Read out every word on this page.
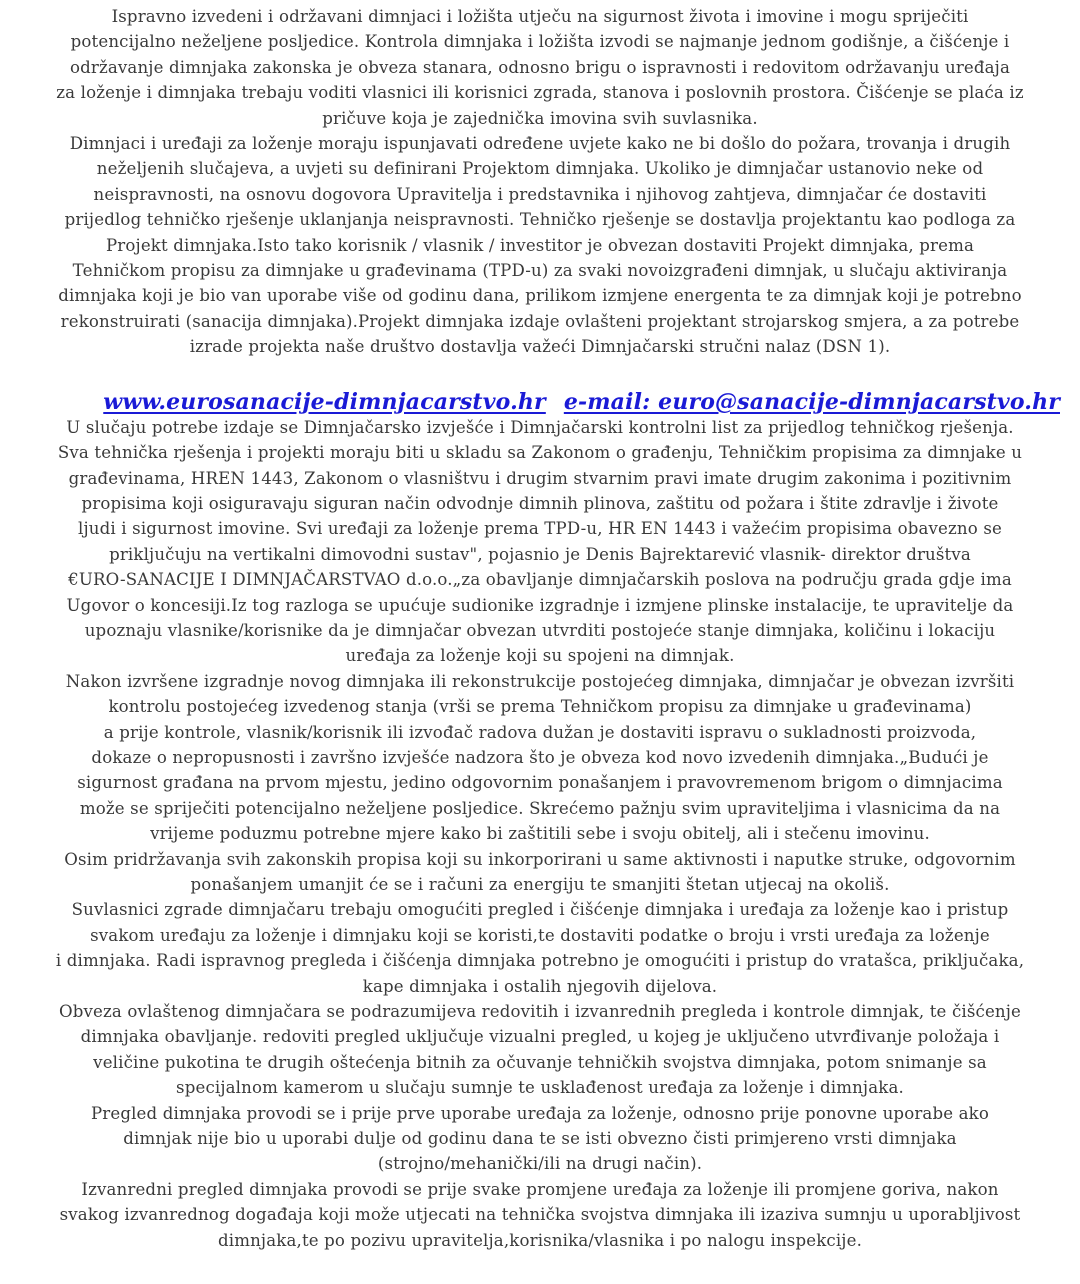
Ispravno izvedeni i održavani dimnjaci i ložišta utječu na sigurnost života i imovine i mogu spriječiti
potencijalno neželjene posljedice. Kontrola dimnjaka i ložišta izvodi se najmanje jednom godišnje, a čišćenje i
održavanje dimnjaka zakonska je obveza stanara, odnosno brigu o ispravnosti i redovitom održavanju uređaja
za loženje i dimnjaka trebaju voditi vlasnici ili korisnici zgrada, stanova i poslovnih prostora. Čišćenje se plaća iz
pričuve koja je zajednička imovina svih suvlasnika.

Dimnjaci i uređaji za loženje moraju ispunjavati određene uvjete kako ne bi došlo do požara, trovanja i drugih
neželjenih slučajeva, a uvjeti su definirani Projektom dimnjaka. Ukoliko je dimnjačar ustanovio neke od
neispravnosti, na osnovu dogovora Upravitelja i predstavnika i njihovog zahtjeva, dimnjačar će dostaviti
prijedlog tehničko rješenje uklanjanja neispravnosti. Tehničko rješenje se dostavlja projektantu kao podloga za
Projekt dimnjaka.Isto tako korisnik / vlasnik / investitor je obvezan dostaviti Projekt dimnjaka, prema
Tehničkom propisu za dimnjake u građevinama (TPD-u) za svaki novoizgrađeni dimnjak, u slučaju aktiviranja
dimnjaka koji je bio van uporabe više od godinu dana, prilikom izmjene energenta te za dimnjak koji je potrebno
rekonstruirati (sanacija dimnjaka).Projekt dimnjaka izdaje ovlašteni projektant strojarskog smjera, a za potrebe
izrade projekta naše društvo dostavlja važeći Dimnjačarski stručni nalaz (DSN 1).

www.eurosanacije-dimnjacarstvo.hr e-mail: euro@sanacije-dimnjacarstvo.hr

U slučaju potrebe izdaje se Dimnjačarsko izvješće i Dimnjačarski kontrolni list za prijedlog tehničkog rješenja.
Sva tehnička rješenja i projekti moraju biti u skladu sa Zakonom o građenju, Tehničkim propisima za dimnjake u
građevinama, HREN 1443, Zakonom o vlasništvu i drugim stvarnim pravi imate drugim zakonima i pozitivnim
propisima koji osiguravaju siguran način odvodnje dimnih plinova, zaštitu od požara i štite zdravlje i živote
ljudi i sigurnost imovine. Svi uređaji za loženje prema TPD-u, HR EN 1443 i važećim propisima obavezno se
priključuju na vertikalni dimovodni sustav", pojasnio je Denis Bajrektarević vlasnik- direktor društva
€URO-SANACIJE I DIMNJAČARSTVAO d.o.o.„za obavljanje dimnjačarskih poslova na području grada gdje ima
Ugovor o koncesiji.Iz tog razloga se upućuje sudionike izgradnje i izmjene plinske instalacije, te upravitelje da
upoznaju vlasnike/korisnike da je dimnjačar obvezan utvrditi postojeće stanje dimnjaka, količinu i lokaciju
uređaja za loženje koji su spojeni na dimnjak.

Nakon izvršene izgradnje novog dimnjaka ili rekonstrukcije postojećeg dimnjaka, dimnjačar je obvezan izvršiti
kontrolu postojećeg izvedenog stanja (vrši se prema Tehničkom propisu za dimnjake u građevinama)
a prije kontrole, vlasnik/korisnik ili izvođač radova dužan je dostaviti ispravu o sukladnosti proizvoda,
dokaze o nepropusnosti i završno izvješće nadzora što je obveza kod novo izvedenih dimnjaka.„Budući je
sigurnost građana na prvom mjestu, jedino odgovornim ponašanjem i pravovremenom brigom o dimnjacima
može se spriječiti potencijalno neželjene posljedice. Skrećemo pažnju svim upraviteljima i vlasnicima da na
vrijeme poduzmu potrebne mjere kako bi zaštitili sebe i svoju obitelj, ali i stečenu imovinu.

Osim pridržavanja svih zakonskih propisa koji su inkorporirani u same aktivnosti i naputke struke, odgovornim
ponašanjem umanjit će se i računi za energiju te smanjiti štetan utjecaj na okoliš.

Suvlasnici zgrade dimnjačaru trebaju omogućiti pregled i čišćenje dimnjaka i uređaja za loženje kao i pristup
svakom uređaju za loženje i dimnjaku koji se koristi,te dostaviti podatke o broju i vrsti uređaja za loženje
i dimnjaka. Radi ispravnog pregleda i čišćenja dimnjaka potrebno je omogućiti i pristup do vratašca, priključaka,
kape dimnjaka i ostalih njegovih dijelova.

Obveza ovlaštenog dimnjačara se podrazumijeva redovitih i izvanrednih pregleda i kontrole dimnjak, te čišćenje
dimnjaka obavljanje. redoviti pregled uključuje vizualni pregled, u kojeg je uključeno utvrđivanje položaja i
veličine pukotina te drugih oštećenja bitnih za očuvanje tehničkih svojstva dimnjaka, potom snimanje sa
specijalnom kamerom u slučaju sumnje te usklađenost uređaja za loženje i dimnjaka.

Pregled dimnjaka provodi se i prije prve uporabe uređaja za loženje, odnosno prije ponovne uporabe ako
dimnjak nije bio u uporabi dulje od godinu dana te se isti obvezno čisti primjereno vrsti dimnjaka
(strojno/mehanički/ili na drugi način).

Izvanredni pregled dimnjaka provodi se prije svake promjene uređaja za loženje ili promjene goriva, nakon
svakog izvanrednog događaja koji može utjecati na tehnička svojstva dimnjaka ili izaziva sumnju u uporabljivost
dimnjaka,te po pozivu upravitelja,korisnika/vlasnika i po nalogu inspekcije.
